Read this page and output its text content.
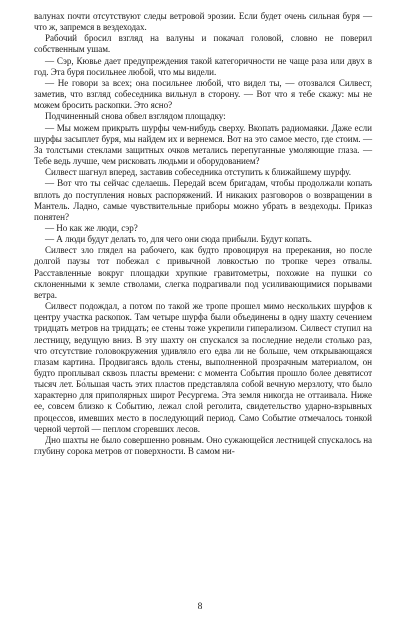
валунах почти отсутствуют следы ветровой эрозии. Если будет очень сильная буря — что ж, запремся в вездеходах.

Рабочий бросил взгляд на валуны и покачал головой, словно не поверил собственным ушам.

— Сэр, Кювье дает предупреждения такой категоричности не чаще раза или двух в год. Эта буря посильнее любой, что мы видели.

— Не говори за всех; она посильнее любой, что видел ты, — отозвался Силвест, заметив, что взгляд собеседника вильнул в сторону. — Вот что я тебе скажу: мы не можем бросить раскопки. Это ясно?

Подчиненный снова обвел взглядом площадку:

— Мы можем прикрыть шурфы чем-нибудь сверху. Вкопать радиомаяки. Даже если шурфы засыплет буря, мы найдем их и вернемся. Вот на это самое место, где стоим. — За толстыми стеклами защитных очков метались перепуганные умоляющие глаза. — Тебе ведь лучше, чем рисковать людьми и оборудованием?

Силвест шагнул вперед, заставив собеседника отступить к ближайшему шурфу.

— Вот что ты сейчас сделаешь. Передай всем бригадам, чтобы продолжали копать вплоть до поступления новых распоряжений. И никаких разговоров о возвращении в Мантель. Ладно, самые чувствительные приборы можно убрать в вездеходы. Приказ понятен?

— Но как же люди, сэр?

— А люди будут делать то, для чего они сюда прибыли. Будут копать.

Силвест зло глядел на рабочего, как будто провоцируя на пререкания, но после долгой паузы тот побежал с привычной ловкостью по тропке через отвалы. Расставленные вокруг площадки хрупкие гравитометры, похожие на пушки со склоненными к земле стволами, слегка подрагивали под усиливающимися порывами ветра.

Силвест подождал, а потом по такой же тропе прошел мимо нескольких шурфов к центру участка раскопок. Там четыре шурфа были объединены в одну шахту сечением тридцать метров на тридцать; ее стены тоже укрепили гиперализом. Силвест ступил на лестницу, ведущую вниз. В эту шахту он спускался за последние недели столько раз, что отсутствие головокружения удивляло его едва ли не больше, чем открывающаяся глазам картина. Продвигаясь вдоль стены, выполненной прозрачным материалом, он будто проплывал сквозь пласты времени: с момента События прошло более девятисот тысяч лет. Бо́льшая часть этих пластов представляла собой вечную мерзлоту, что было характерно для приполярных широт Ресургема. Эта земля никогда не оттаивала. Ниже ее, совсем близко к Событию, лежал слой реголита, свидетельство ударно-взрывных процессов, имевших место в последующий период. Само Событие отмечалось тонкой черной чертой — пеплом сгоревших лесов.

Дно шахты не было совершенно ровным. Оно сужающейся лестницей спускалось на глубину сорока метров от поверхности. В самом ни-

8
